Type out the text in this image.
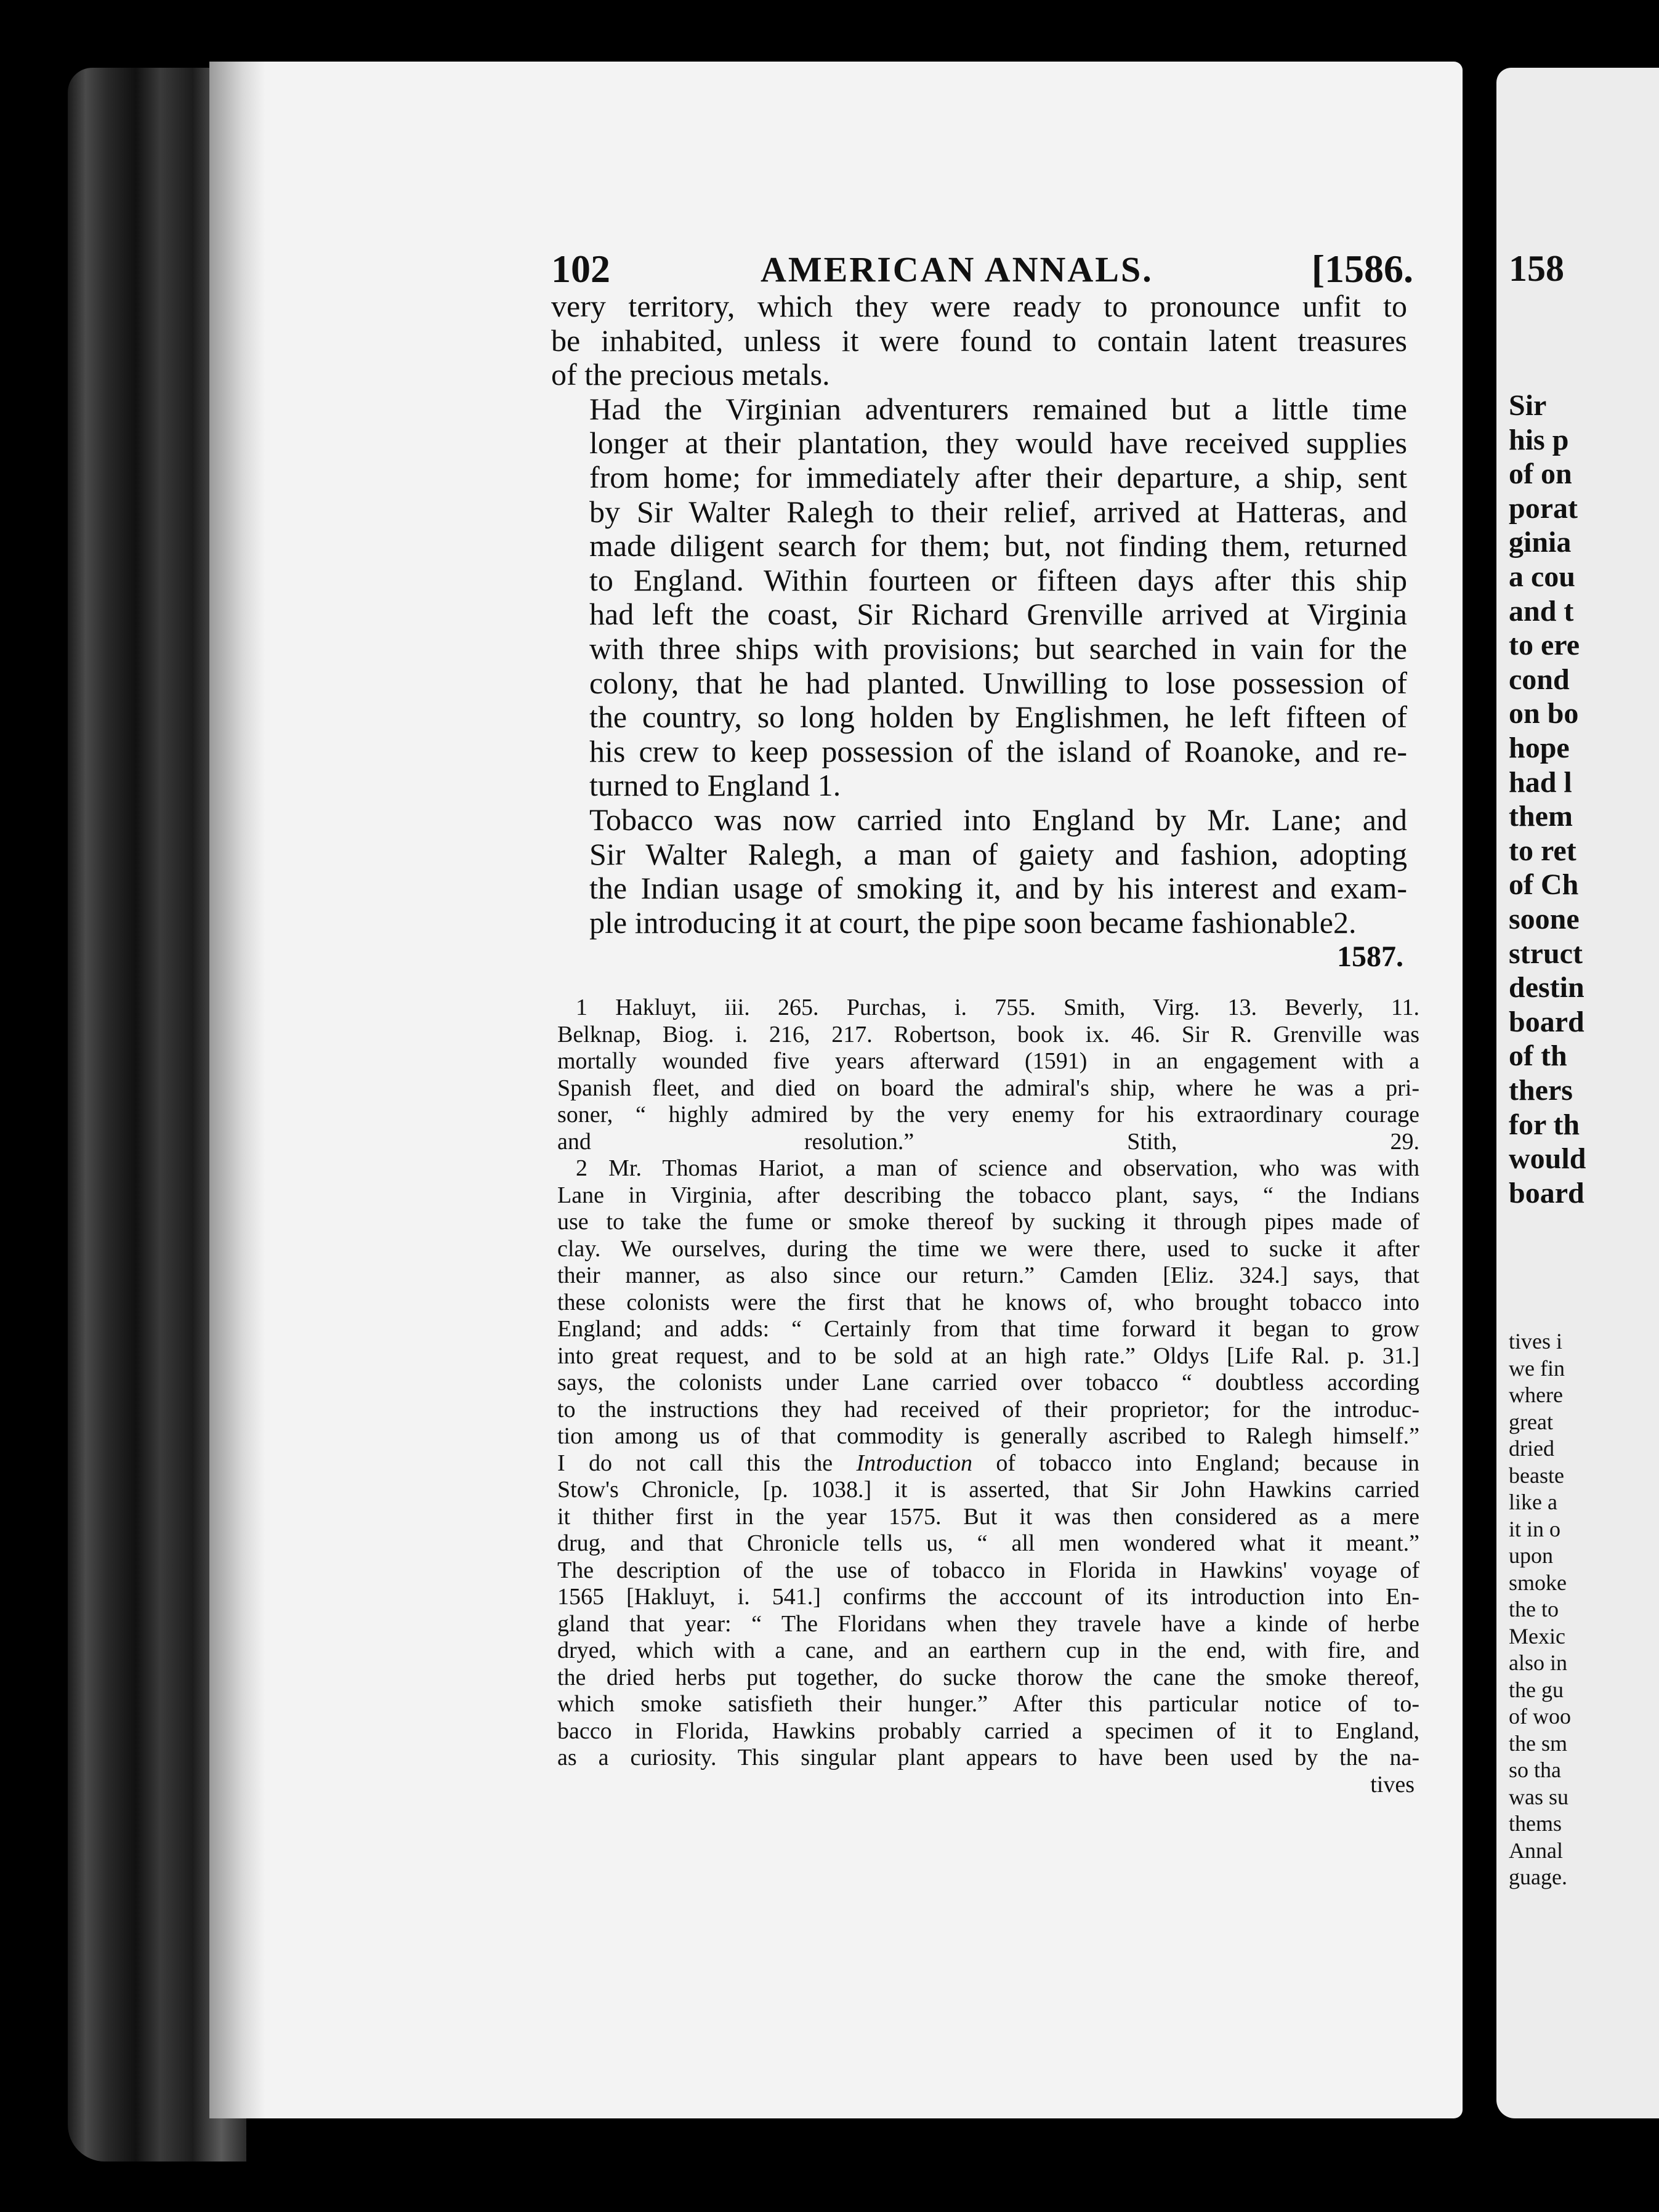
158
Sir
his p
of on
porat
ginia
a cou
and t
to ere
cond
on bo
hope
had l
them
to ret
of Ch
soone
struct
destin
board
of th
thers
for th
would
board
tives i
we fin
where
great
dried
beaste
like a
it in o
upon
smoke
the to
Mexic
also in
the gu
of woo
the sm
so tha
was su
thems
Annal
guage.
102	AMERICAN ANNALS.	[1586.
very territory, which they were ready to pronounce unfit to
be inhabited, unless it were found to contain latent treasures
of the precious metals.
Had the Virginian adventurers remained but a little time
longer at their plantation, they would have received supplies
from home; for immediately after their departure, a ship, sent
by Sir Walter Ralegh to their relief, arrived at Hatteras, and
made diligent search for them; but, not finding them, returned
to England. Within fourteen or fifteen days after this ship
had left the coast, Sir Richard Grenville arrived at Virginia
with three ships with provisions; but searched in vain for the
colony, that he had planted. Unwilling to lose possession of
the country, so long holden by Englishmen, he left fifteen of
his crew to keep possession of the island of Roanoke, and re-
turned to England 1.
Tobacco was now carried into England by Mr. Lane; and
Sir Walter Ralegh, a man of gaiety and fashion, adopting
the Indian usage of smoking it, and by his interest and exam-
ple introducing it at court, the pipe soon became fashionable2.
1587.
1 Hakluyt, iii. 265. Purchas, i. 755. Smith, Virg. 13. Beverly, 11.
Belknap, Biog. i. 216, 217. Robertson, book ix. 46. Sir R. Grenville was
mortally wounded five years afterward (1591) in an engagement with a
Spanish fleet, and died on board the admiral's ship, where he was a pri-
soner, “ highly admired by the very enemy for his extraordinary courage
and resolution.” Stith, 29.
2 Mr. Thomas Hariot, a man of science and observation, who was with
Lane in Virginia, after describing the tobacco plant, says, “ the Indians
use to take the fume or smoke thereof by sucking it through pipes made of
clay. We ourselves, during the time we were there, used to sucke it after
their manner, as also since our return.” Camden [Eliz. 324.] says, that
these colonists were the first that he knows of, who brought tobacco into
England; and adds: “ Certainly from that time forward it began to grow
into great request, and to be sold at an high rate.” Oldys [Life Ral. p. 31.]
says, the colonists under Lane carried over tobacco “ doubtless according
to the instructions they had received of their proprietor; for the introduc-
tion among us of that commodity is generally ascribed to Ralegh himself.”
I do not call this the Introduction of tobacco into England; because in
Stow's Chronicle, [p. 1038.] it is asserted, that Sir John Hawkins carried
it thither first in the year 1575. But it was then considered as a mere
drug, and that Chronicle tells us, “ all men wondered what it meant.”
The description of the use of tobacco in Florida in Hawkins' voyage of
1565 [Hakluyt, i. 541.] confirms the acccount of its introduction into En-
gland that year: “ The Floridans when they travele have a kinde of herbe
dryed, which with a cane, and an earthern cup in the end, with fire, and
the dried herbs put together, do sucke thorow the cane the smoke thereof,
which smoke satisfieth their hunger.” After this particular notice of to-
bacco in Florida, Hawkins probably carried a specimen of it to England,
as a curiosity. This singular plant appears to have been used by the na-
tives
